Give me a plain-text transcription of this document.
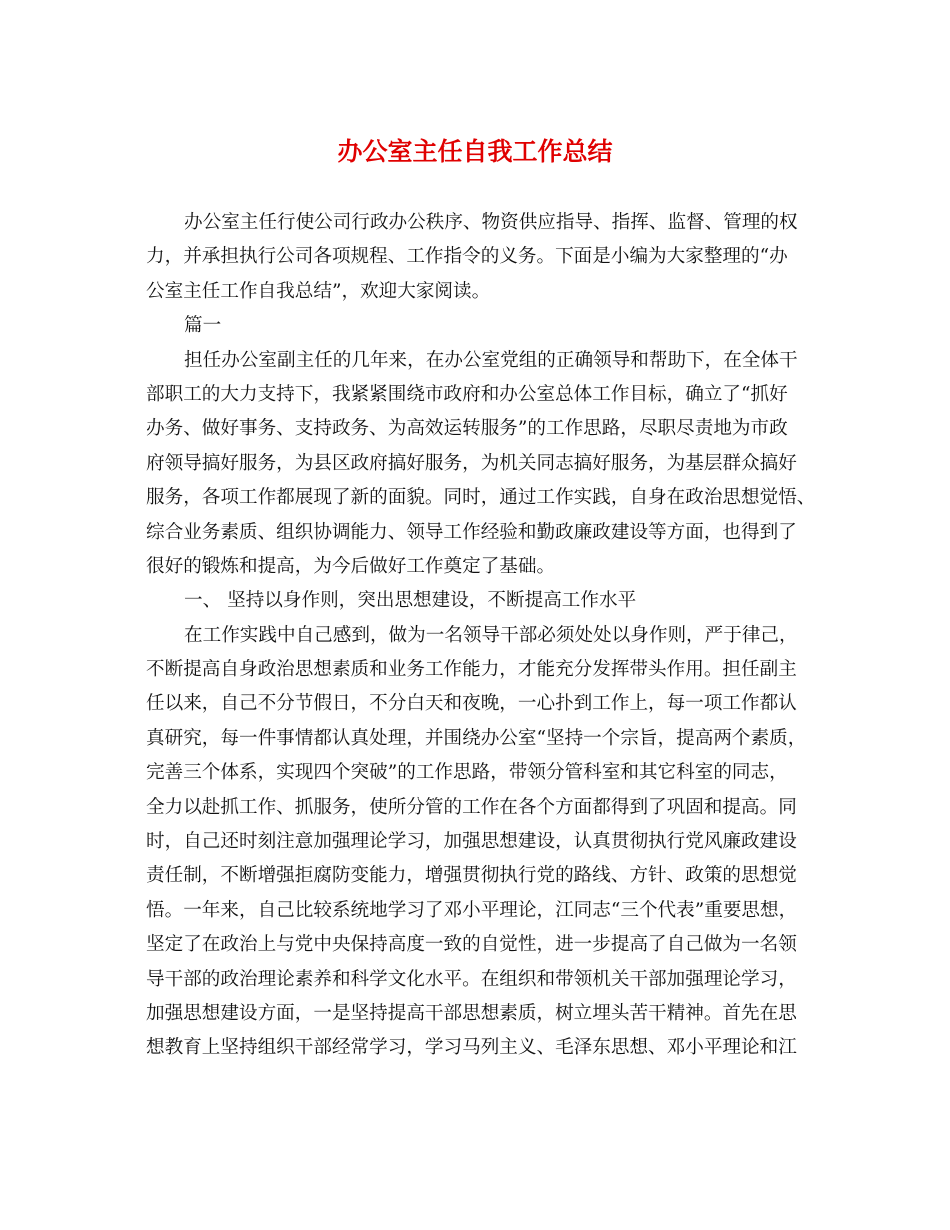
办公室主任自我工作总结
办公室主任行使公司行政办公秩序、物资供应指导、指挥、监督、管理的权
力，并承担执行公司各项规程、工作指令的义务。下面是小编为大家整理的“办
公室主任工作自我总结”，欢迎大家阅读。
篇一
担任办公室副主任的几年来，在办公室党组的正确领导和帮助下，在全体干
部职工的大力支持下，我紧紧围绕市政府和办公室总体工作目标，确立了“抓好
办务、做好事务、支持政务、为高效运转服务”的工作思路，尽职尽责地为市政
府领导搞好服务，为县区政府搞好服务，为机关同志搞好服务，为基层群众搞好
服务，各项工作都展现了新的面貌。同时，通过工作实践，自身在政治思想觉悟、
综合业务素质、组织协调能力、领导工作经验和勤政廉政建设等方面，也得到了
很好的锻炼和提高，为今后做好工作奠定了基础。
一、 坚持以身作则，突出思想建设，不断提高工作水平
在工作实践中自己感到，做为一名领导干部必须处处以身作则，严于律己，
不断提高自身政治思想素质和业务工作能力，才能充分发挥带头作用。担任副主
任以来，自己不分节假日，不分白天和夜晚，一心扑到工作上，每一项工作都认
真研究，每一件事情都认真处理，并围绕办公室“坚持一个宗旨，提高两个素质，
完善三个体系，实现四个突破”的工作思路，带领分管科室和其它科室的同志，
全力以赴抓工作、抓服务，使所分管的工作在各个方面都得到了巩固和提高。同
时，自己还时刻注意加强理论学习，加强思想建设，认真贯彻执行党风廉政建设
责任制，不断增强拒腐防变能力，增强贯彻执行党的路线、方针、政策的思想觉
悟。一年来，自己比较系统地学习了邓小平理论，江同志“三个代表”重要思想，
坚定了在政治上与党中央保持高度一致的自觉性，进一步提高了自己做为一名领
导干部的政治理论素养和科学文化水平。在组织和带领机关干部加强理论学习，
加强思想建设方面，一是坚持提高干部思想素质，树立埋头苦干精神。首先在思
想教育上坚持组织干部经常学习，学习马列主义、毛泽东思想、邓小平理论和江
